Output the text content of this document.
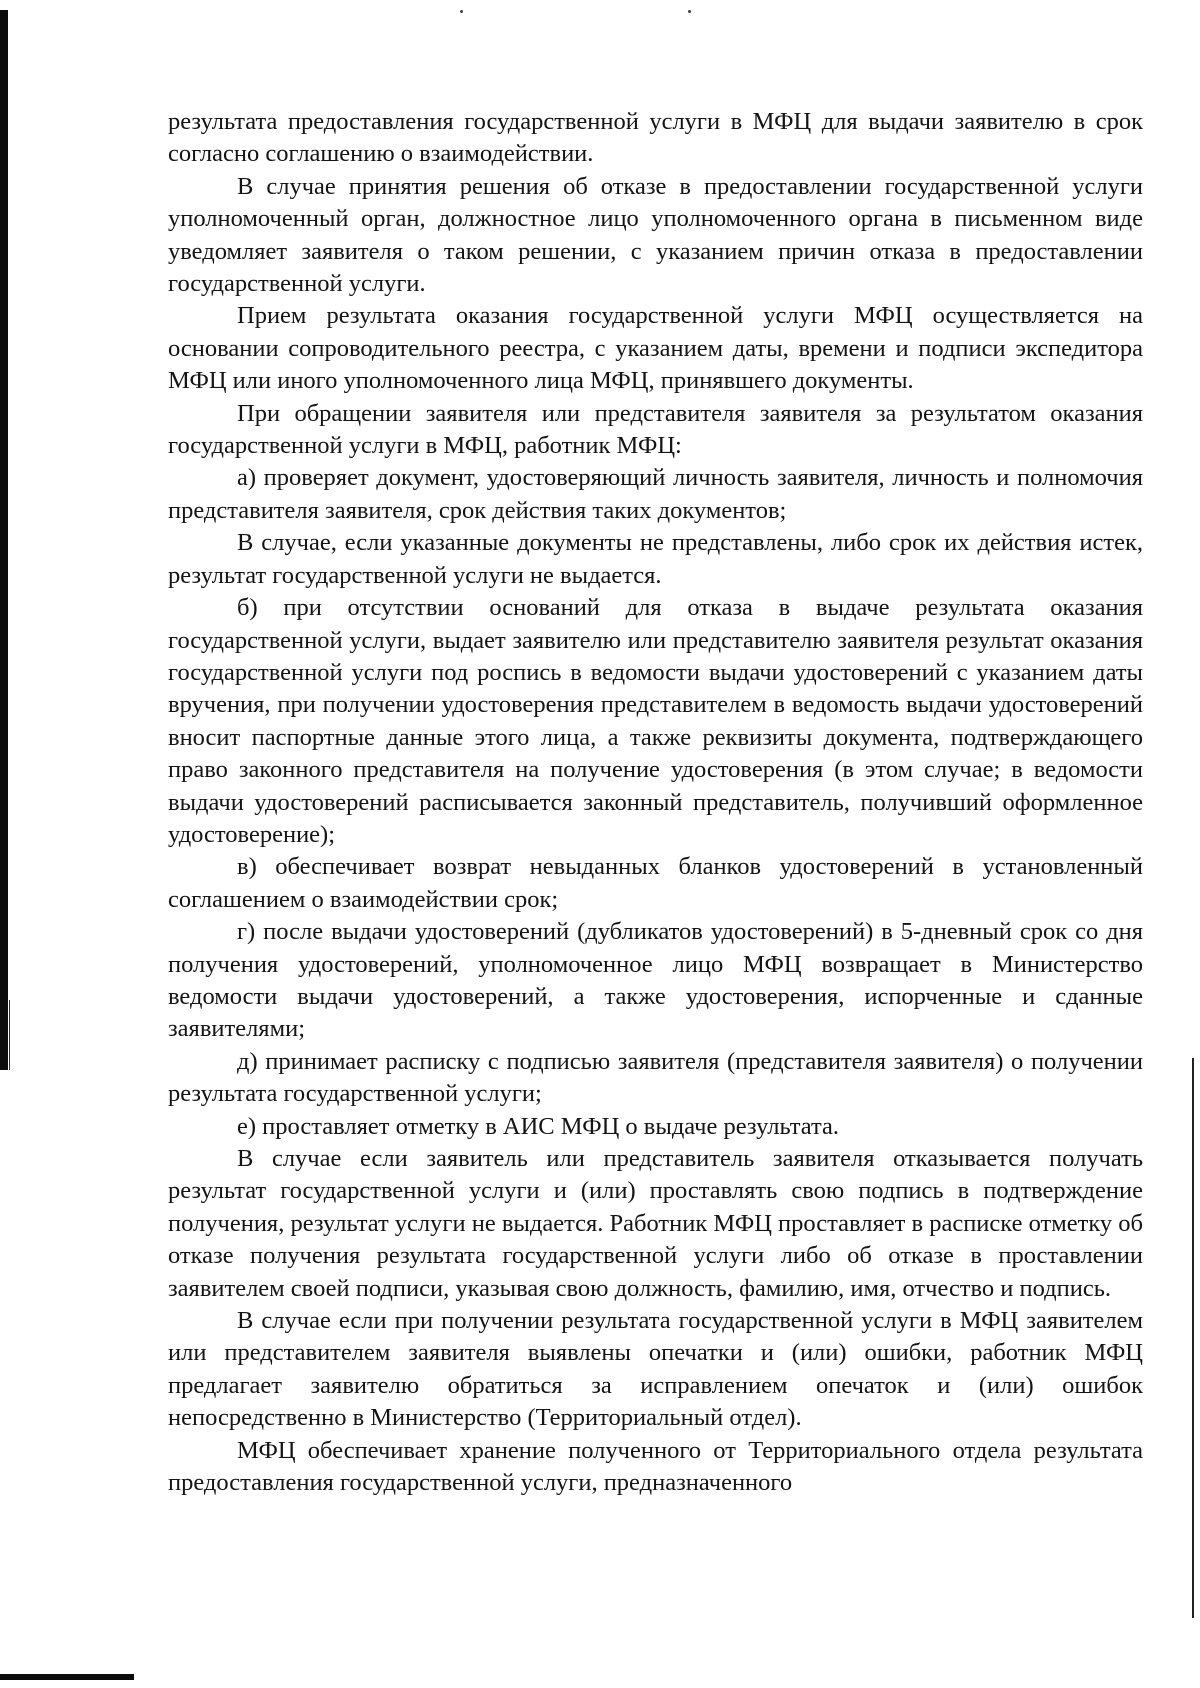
результата предоставления государственной услуги в МФЦ для выдачи заявителю в срок согласно соглашению о взаимодействии.

В случае принятия решения об отказе в предоставлении государственной услуги уполномоченный орган, должностное лицо уполномоченного органа в письменном виде уведомляет заявителя о таком решении, с указанием причин отказа в предоставлении государственной услуги.

Прием результата оказания государственной услуги МФЦ осуществляется на основании сопроводительного реестра, с указанием даты, времени и подписи экспедитора МФЦ или иного уполномоченного лица МФЦ, принявшего документы.

При обращении заявителя или представителя заявителя за результатом оказания государственной услуги в МФЦ, работник МФЦ:

а) проверяет документ, удостоверяющий личность заявителя, личность и полномочия представителя заявителя, срок действия таких документов;

В случае, если указанные документы не представлены, либо срок их действия истек, результат государственной услуги не выдается.

б) при отсутствии оснований для отказа в выдаче результата оказания государственной услуги, выдает заявителю или представителю заявителя результат оказания государственной услуги под роспись в ведомости выдачи удостоверений с указанием даты вручения, при получении удостоверения представителем в ведомость выдачи удостоверений вносит паспортные данные этого лица, а также реквизиты документа, подтверждающего право законного представителя на получение удостоверения (в этом случае; в ведомости выдачи удостоверений расписывается законный представитель, получивший оформленное удостоверение);

в) обеспечивает возврат невыданных бланков удостоверений в установленный соглашением о взаимодействии срок;

г) после выдачи удостоверений (дубликатов удостоверений) в 5-дневный срок со дня получения удостоверений, уполномоченное лицо МФЦ возвращает в Министерство ведомости выдачи удостоверений, а также удостоверения, испорченные и сданные заявителями;

д) принимает расписку с подписью заявителя (представителя заявителя) о получении результата государственной услуги;

е) проставляет отметку в АИС МФЦ о выдаче результата.

В случае если заявитель или представитель заявителя отказывается получать результат государственной услуги и (или) проставлять свою подпись в подтверждение получения, результат услуги не выдается. Работник МФЦ проставляет в расписке отметку об отказе получения результата государственной услуги либо об отказе в проставлении заявителем своей подписи, указывая свою должность, фамилию, имя, отчество и подпись.

В случае если при получении результата государственной услуги в МФЦ заявителем или представителем заявителя выявлены опечатки и (или) ошибки, работник МФЦ предлагает заявителю обратиться за исправлением опечаток и (или) ошибок непосредственно в Министерство (Территориальный отдел).

МФЦ обеспечивает хранение полученного от Территориального отдела результата предоставления государственной услуги, предназначенного
